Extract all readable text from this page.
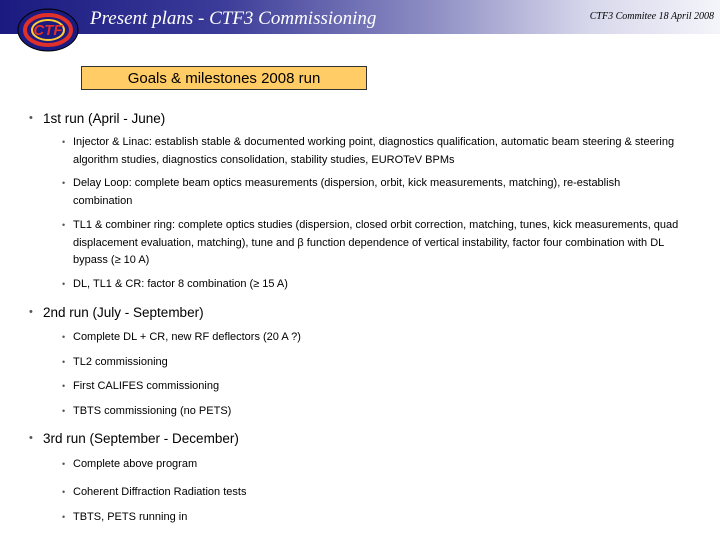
Present plans - CTF3 Commissioning	CTF3 Commitee 18 April 2008
CTF
Goals & milestones 2008 run
• 1st run (April - June)
• Injector & Linac: establish stable & documented working point, diagnostics qualification, automatic beam steering & steering algorithm studies, diagnostics consolidation, stability studies, EUROTeV BPMs
• Delay Loop: complete beam optics measurements (dispersion, orbit, kick measurements, matching), re-establish combination
• TL1 & combiner ring: complete optics studies (dispersion, closed orbit correction, matching, tunes, kick measurements, quad displacement evaluation, matching), tune and β function dependence of vertical instability, factor four combination with DL bypass (≥ 10 A)
• DL, TL1 & CR: factor 8 combination (≥ 15 A)
• 2nd run (July - September)
• Complete DL + CR, new RF deflectors (20 A ?)
• TL2 commissioning
• First CALIFES commissioning
• TBTS commissioning (no PETS)
• 3rd run (September - December)
• Complete above program
• Coherent Diffraction Radiation tests
• TBTS, PETS running in
